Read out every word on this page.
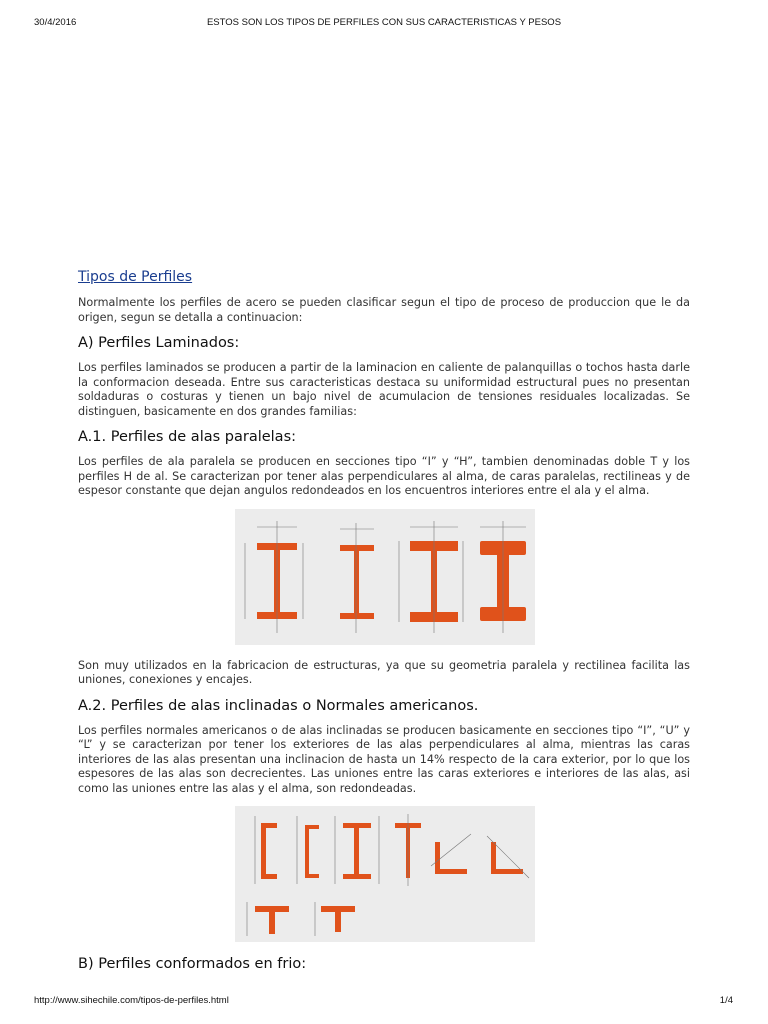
30/4/2016	ESTOS SON LOS TIPOS DE PERFILES CON SUS CARACTERISTICAS Y PESOS
Tipos de Perfiles

Normalmente los perfiles de acero se pueden clasificar segun el tipo de proceso de produccion que le da origen, segun se detalla a continuacion:

A) Perfiles Laminados:

Los perfiles laminados se producen a partir de la laminacion en caliente de palanquillas o tochos hasta darle la conformacion deseada. Entre sus caracteristicas destaca su uniformidad estructural pues no presentan soldaduras o costuras y tienen un bajo nivel de acumulacion de tensiones residuales localizadas. Se distinguen, basicamente en dos grandes familias:

A.1. Perfiles de alas paralelas:

Los perfiles de ala paralela se producen en secciones tipo “I” y “H”, tambien denominadas doble T y los perfiles H de al. Se caracterizan por tener alas perpendiculares al alma, de caras paralelas, rectilineas y de espesor constante que dejan angulos redondeados en los encuentros interiores entre el ala y el alma.

Son muy utilizados en la fabricacion de estructuras, ya que su geometria paralela y rectilinea facilita las uniones, conexiones y encajes.

A.2. Perfiles de alas inclinadas o Normales americanos.

Los perfiles normales americanos o de alas inclinadas se producen basicamente en secciones tipo “I”, “U” y “L” y se caracterizan por tener los exteriores de las alas perpendiculares al alma, mientras las caras interiores de las alas presentan una inclinacion de hasta un 14% respecto de la cara exterior, por lo que los espesores de las alas son decrecientes. Las uniones entre las caras exteriores e interiores de las alas, asi como las uniones entre las alas y el alma, son redondeadas.

B) Perfiles conformados en frio:
http://www.sihechile.com/tipos-de-perfiles.html	1/4
